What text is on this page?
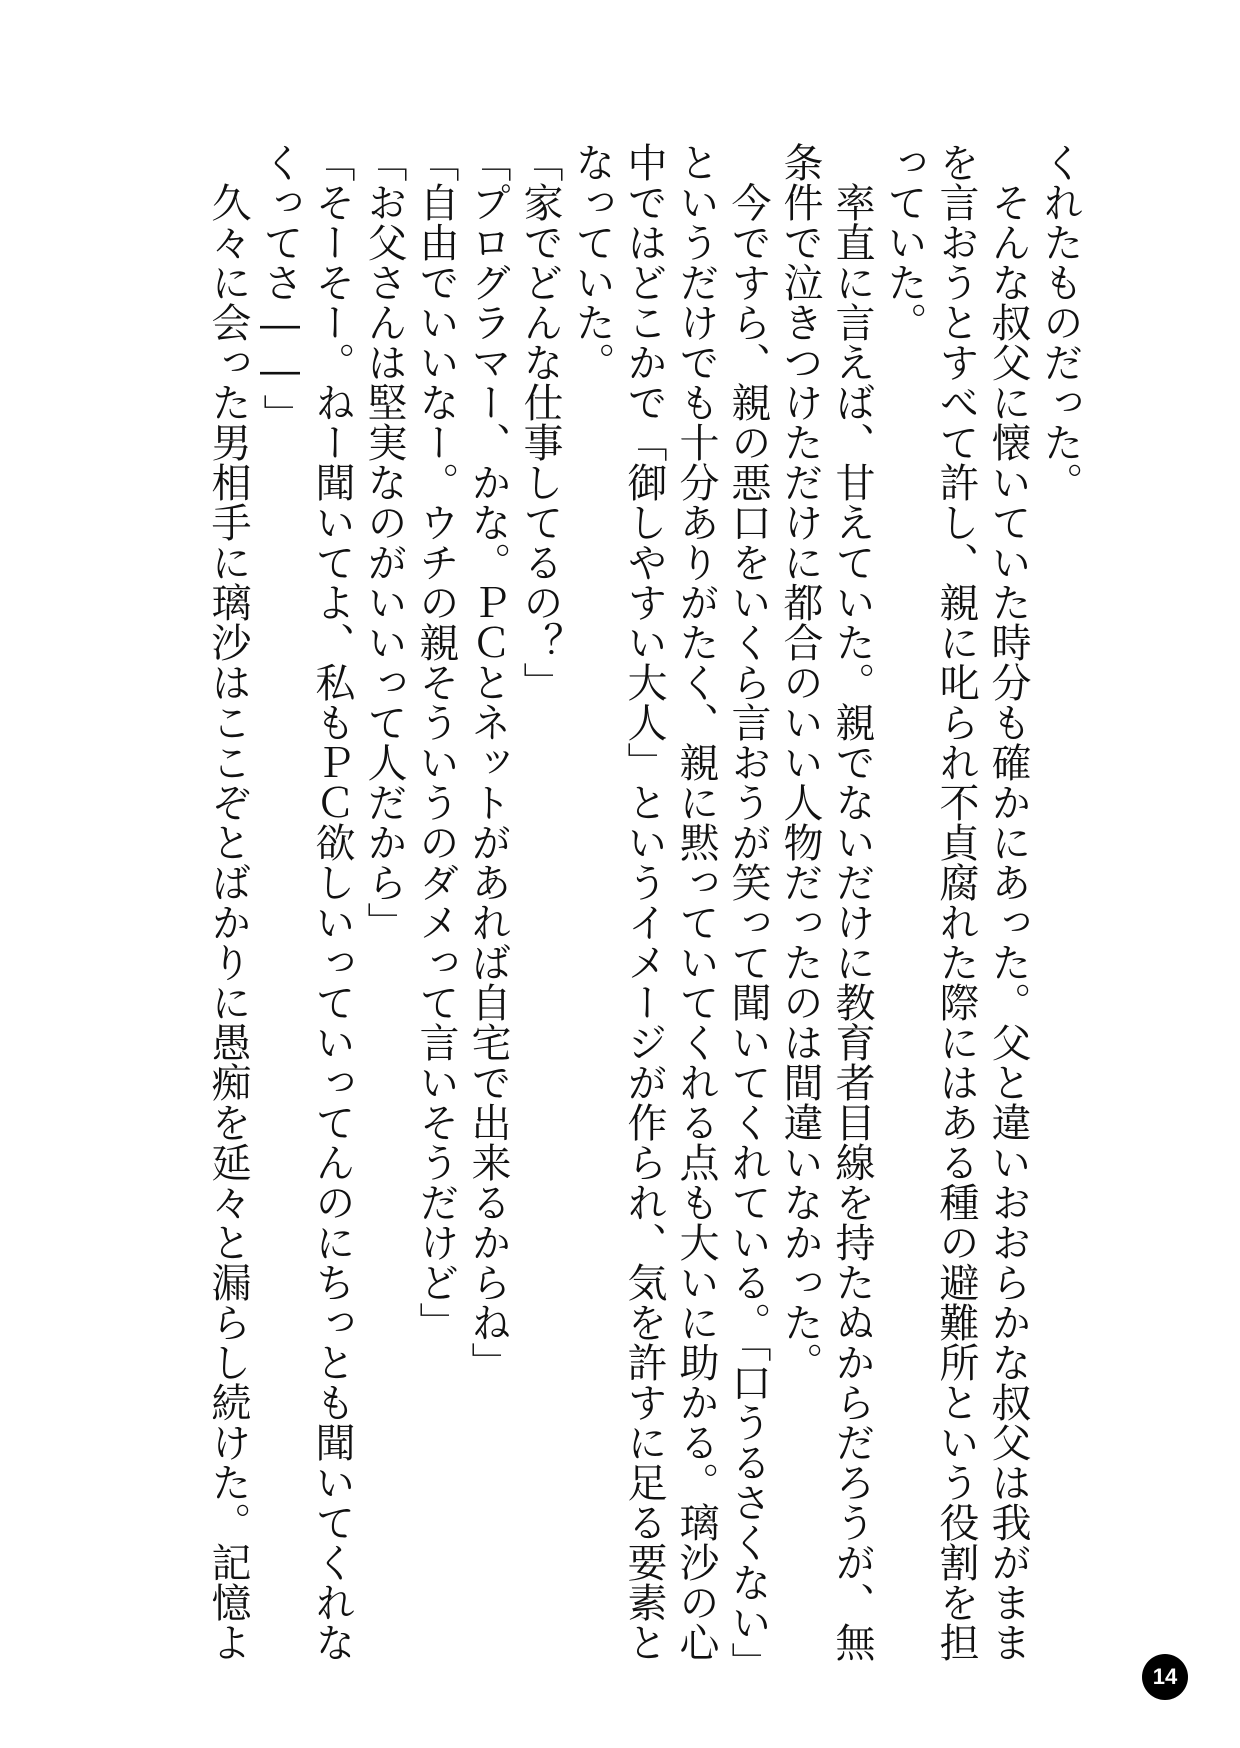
くれたものだった。
　そんな叔父に懐いていた時分も確かにあった。父と違いおおらかな叔父は我がまま
を言おうとすべて許し、親に叱られ不貞腐れた際にはある種の避難所という役割を担
っていた。
　率直に言えば、甘えていた。親でないだけに教育者目線を持たぬからだろうが、無
条件で泣きつけただけに都合のいい人物だったのは間違いなかった。
　今ですら、親の悪口をいくら言おうが笑って聞いてくれている。「口うるさくない」
というだけでも十分ありがたく、親に黙っていてくれる点も大いに助かる。璃沙の心
中ではどこかで「御しやすい大人」というイメージが作られ、気を許すに足る要素と
なっていた。
「家でどんな仕事してるの？」
「プログラマー、かな。ＰＣとネットがあれば自宅で出来るからね」
「自由でいいなー。ウチの親そういうのダメって言いそうだけど」
「お父さんは堅実なのがいいって人だから」
「そーそー。ねー聞いてよ、私もＰＣ欲しいっていってんのにちっとも聞いてくれな
くってさ――」
　久々に会った男相手に璃沙はここぞとばかりに愚痴を延々と漏らし続けた。記憶よ
14
